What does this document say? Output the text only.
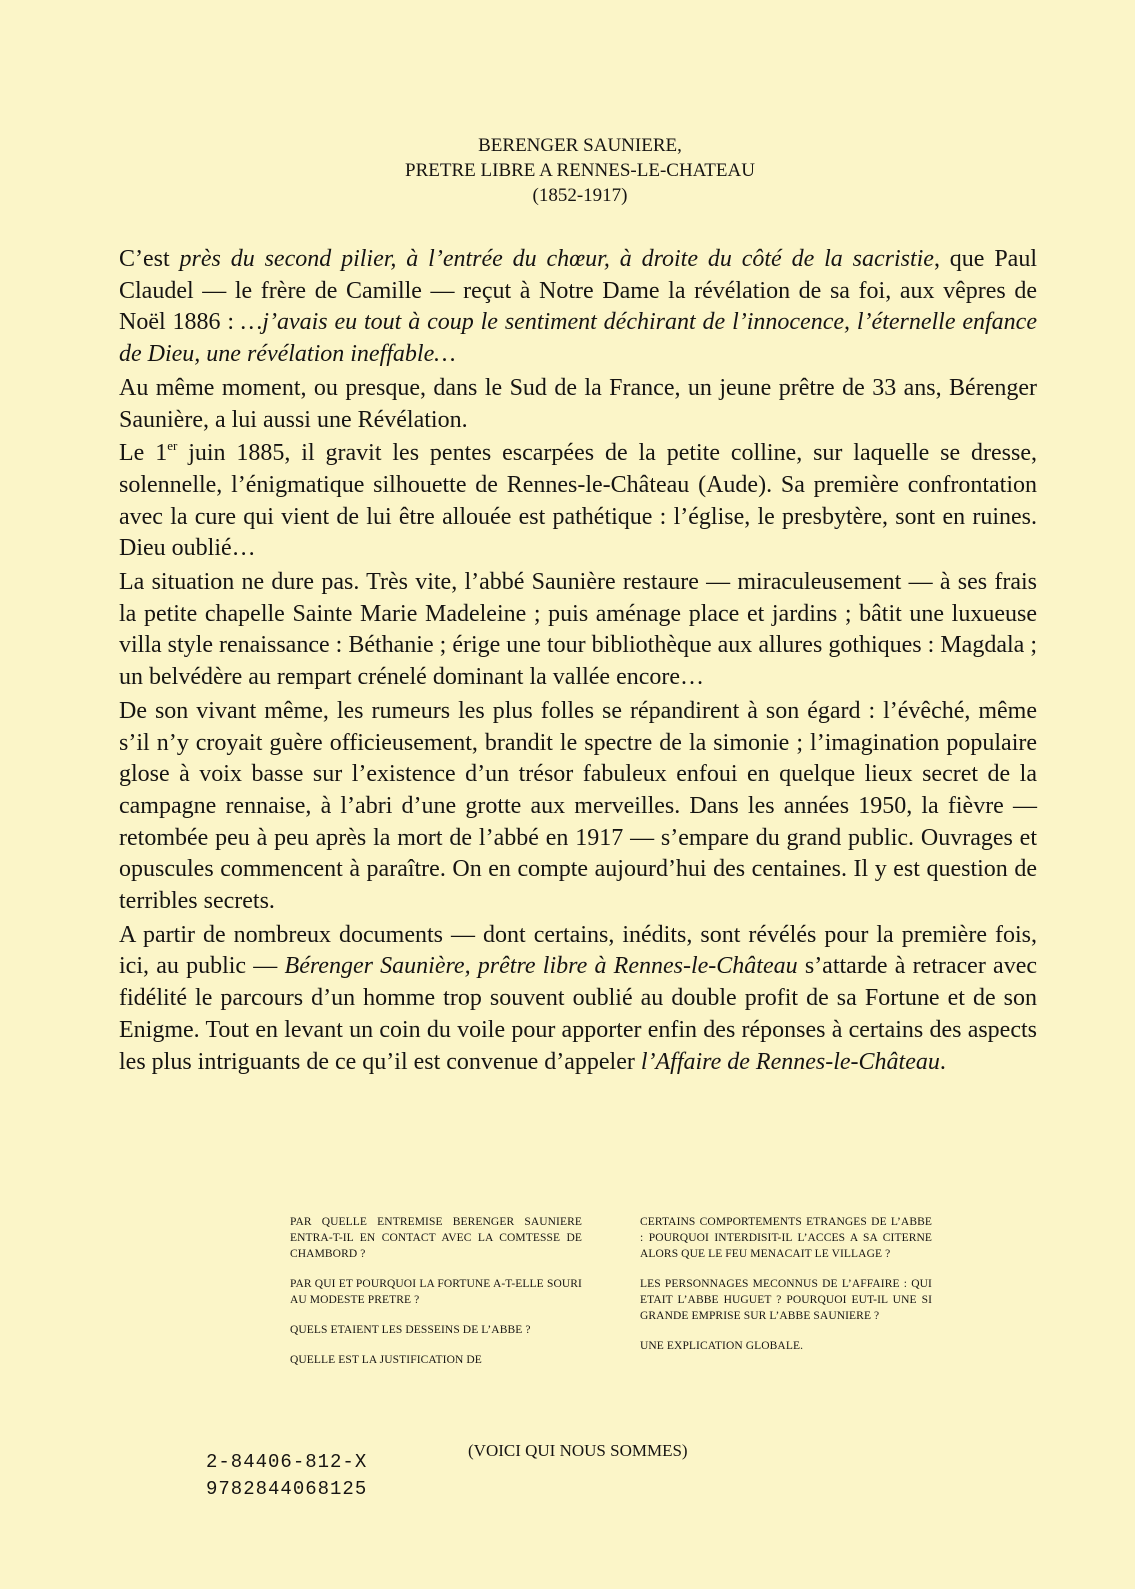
BERENGER SAUNIERE,
PRETRE LIBRE A RENNES-LE-CHATEAU
(1852-1917)

C’est près du second pilier, à l’entrée du chœur, à droite du côté de la sacristie, que Paul Claudel — le frère de Camille — reçut à Notre Dame la révélation de sa foi, aux vêpres de Noël 1886 : …j’avais eu tout à coup le sentiment déchirant de l’innocence, l’éternelle enfance de Dieu, une révélation ineffable…

Au même moment, ou presque, dans le Sud de la France, un jeune prêtre de 33 ans, Bérenger Saunière, a lui aussi une Révélation.

Le 1er juin 1885, il gravit les pentes escarpées de la petite colline, sur laquelle se dresse, solennelle, l’énigmatique silhouette de Rennes-le-Château (Aude). Sa première confrontation avec la cure qui vient de lui être allouée est pathétique : l’église, le presbytère, sont en ruines. Dieu oublié…

La situation ne dure pas. Très vite, l’abbé Saunière restaure — miraculeusement — à ses frais la petite chapelle Sainte Marie Madeleine ; puis aménage place et jardins ; bâtit une luxueuse villa style renaissance : Béthanie ; érige une tour bibliothèque aux allures gothiques : Magdala ; un belvédère au rempart crénelé dominant la vallée encore…

De son vivant même, les rumeurs les plus folles se répandirent à son égard : l’évêché, même s’il n’y croyait guère officieusement, brandit le spectre de la simonie ; l’imagination populaire glose à voix basse sur l’existence d’un trésor fabuleux enfoui en quelque lieux secret de la campagne rennaise, à l’abri d’une grotte aux merveilles. Dans les années 1950, la fièvre — retombée peu à peu après la mort de l’abbé en 1917 — s’empare du grand public. Ouvrages et opuscules commencent à paraître. On en compte aujourd’hui des centaines. Il y est question de terribles secrets.

A partir de nombreux documents — dont certains, inédits, sont révélés pour la première fois, ici, au public — Bérenger Saunière, prêtre libre à Rennes-le-Château s’attarde à retracer avec fidélité le parcours d’un homme trop souvent oublié au double profit de sa Fortune et de son Enigme. Tout en levant un coin du voile pour apporter enfin des réponses à certains des aspects les plus intriguants de ce qu’il est convenue d’appeler l’Affaire de Rennes-le-Château.

PAR QUELLE ENTREMISE BERENGER SAUNIERE ENTRA-T-IL EN CONTACT AVEC LA COMTESSE DE CHAMBORD ?
PAR QUI ET POURQUOI LA FORTUNE A-T-ELLE SOURI AU MODESTE PRETRE ?
QUELS ETAIENT LES DESSEINS DE L’ABBE ?
QUELLE EST LA JUSTIFICATION DE
CERTAINS COMPORTEMENTS ETRANGES DE L’ABBE : POURQUOI INTERDISIT-IL L’ACCES A SA CITERNE ALORS QUE LE FEU MENACAIT LE VILLAGE ?
LES PERSONNAGES MECONNUS DE L’AFFAIRE : QUI ETAIT L’ABBE HUGUET ? POURQUOI EUT-IL UNE SI GRANDE EMPRISE SUR L’ABBE SAUNIERE ?
UNE EXPLICATION GLOBALE.
2-84406-812-X
9782844068125
(VOICI QUI NOUS SOMMES)
